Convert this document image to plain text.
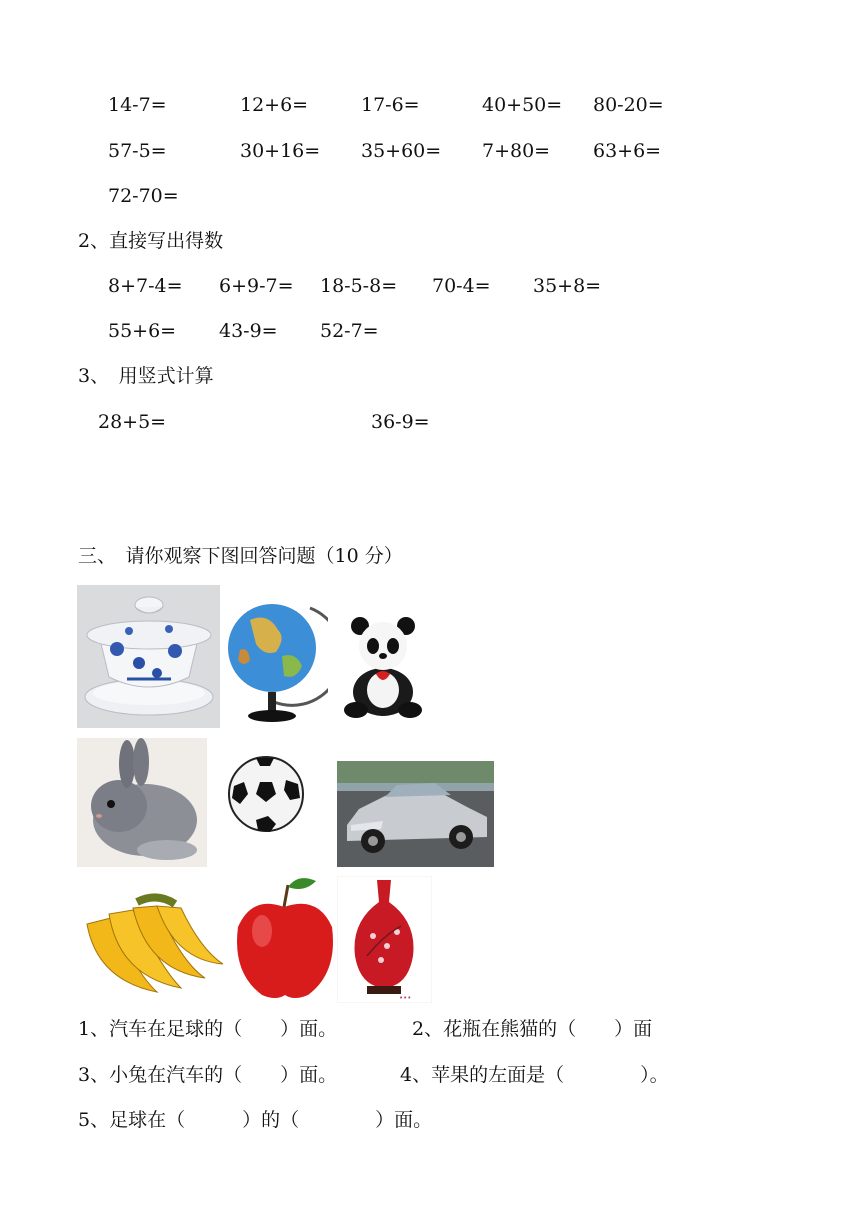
14-7=	12+6=	17-6=	40+50= 80-20=
57-5=	30+16= 35+60= 7+80= 63+6=
72-70=
2、直接写出得数
8+7-4= 6+9-7= 18-5-8= 70-4= 35+8=
55+6= 43-9= 52-7=
3、　用竖式计算
28+5=	36-9=
三、　请你观察下图回答问题（10 分）
•••
1、汽车在足球的（　　）面。	2、花瓶在熊猫的（　　）面
3、小兔在汽车的（　　）面。	4、苹果的左面是（　　　　）。
5、足球在（　　　）的（　　　　）面。
